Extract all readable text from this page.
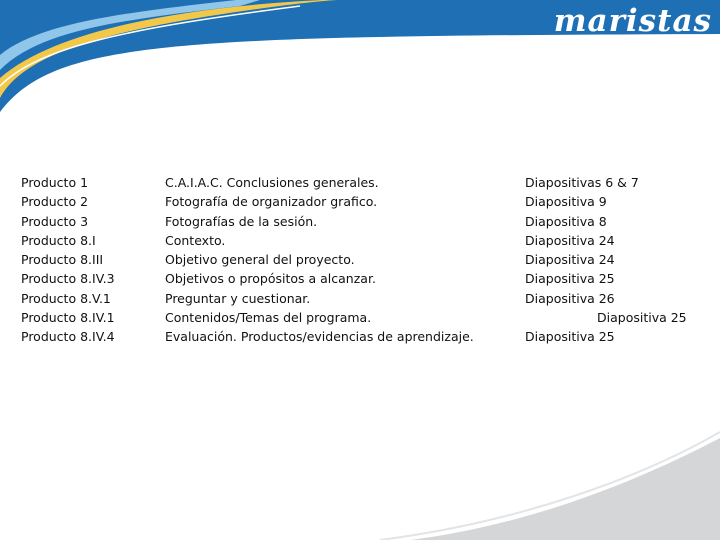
maristas
Producto 1
Producto 2
Producto 3
Producto 8.I
Producto 8.III
Producto 8.IV.3
Producto 8.V.1
Producto 8.IV.1
Producto 8.IV.4
C.A.I.A.C. Conclusiones generales.
Fotografía de organizador grafico.
Fotografías de la sesión.
Contexto.
Objetivo general del proyecto.
Objetivos o propósitos a alcanzar.
Preguntar y cuestionar.
Contenidos/Temas del programa.
Evaluación. Productos/evidencias de aprendizaje.
Diapositivas 6 & 7
Diapositiva 9
Diapositiva 8
Diapositiva 24
Diapositiva 24
Diapositiva 25
Diapositiva 26
Diapositiva 25
Diapositiva 25
